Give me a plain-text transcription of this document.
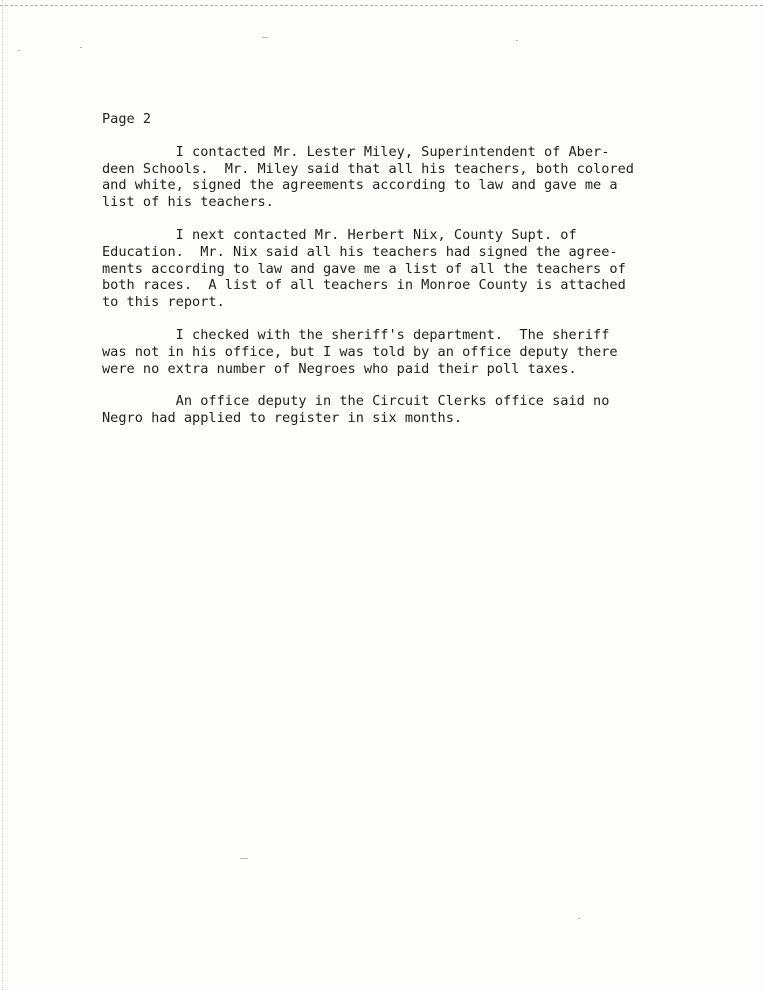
Page 2
I contacted Mr. Lester Miley, Superintendent of Aber-
deen Schools.  Mr. Miley said that all his teachers, both colored
and white, signed the agreements according to law and gave me a
list of his teachers.
I next contacted Mr. Herbert Nix, County Supt. of
Education.  Mr. Nix said all his teachers had signed the agree-
ments according to law and gave me a list of all the teachers of
both races.  A list of all teachers in Monroe County is attached
to this report.
I checked with the sheriff's department.  The sheriff
was not in his office, but I was told by an office deputy there
were no extra number of Negroes who paid their poll taxes.
An office deputy in the Circuit Clerks office said no
Negro had applied to register in six months.
